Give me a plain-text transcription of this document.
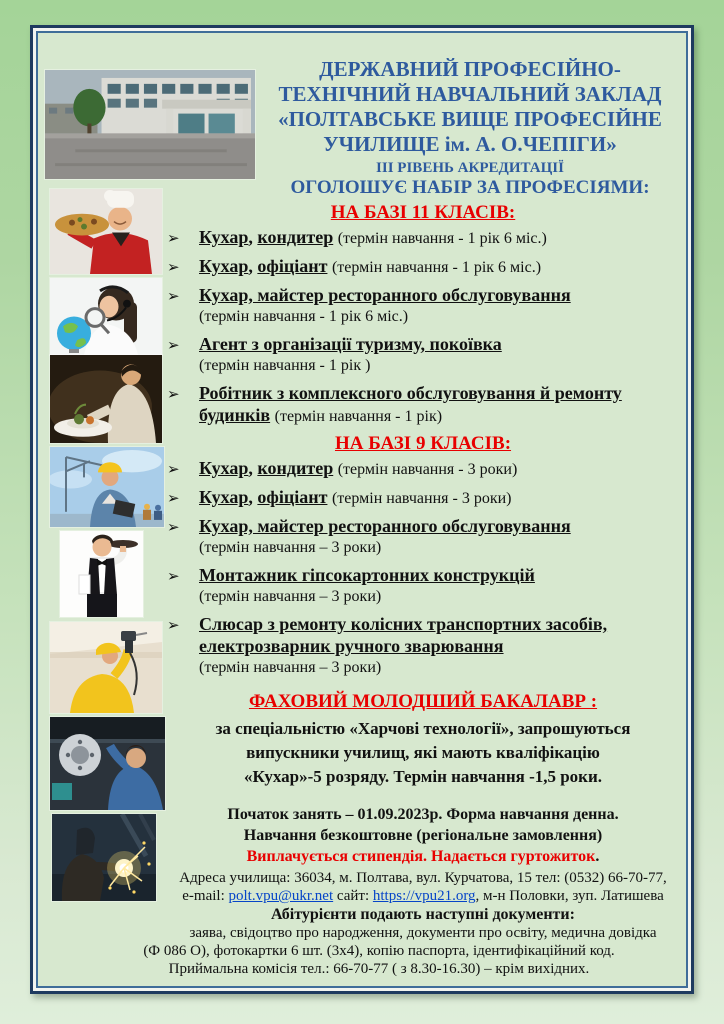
ДЕРЖАВНИЙ ПРОФЕСІЙНО-
ТЕХНІЧНИЙ НАВЧАЛЬНИЙ ЗАКЛАД
«ПОЛТАВСЬКЕ ВИЩЕ ПРОФЕСІЙНЕ
УЧИЛИЩЕ ім. А. О.ЧЕПІГИ»
ІІІ РІВЕНЬ АКРЕДИТАЦІЇ
ОГОЛОШУЄ НАБІР ЗА ПРОФЕСІЯМИ:
НА БАЗІ 11 КЛАСІВ:
➢ Кухар, кондитер (термін навчання - 1 рік 6 міс.)
➢ Кухар, офіціант (термін навчання - 1 рік 6 міс.)
➢ Кухар, майстер ресторанного обслуговування
(термін навчання - 1 рік 6 міс.)
➢ Агент з організації туризму, покоївка
(термін навчання - 1 рік )
➢ Робітник з комплексного обслуговування й ремонту будинків (термін навчання - 1 рік)
НА БАЗІ 9 КЛАСІВ:
➢ Кухар, кондитер (термін навчання - 3 роки)
➢ Кухар, офіціант (термін навчання - 3 роки)
➢ Кухар, майстер ресторанного обслуговування
(термін навчання – 3 роки)
➢ Монтажник гіпсокартонних конструкцій
(термін навчання – 3 роки)
➢ Слюсар з ремонту колісних транспортних засобів, електрозварник ручного зварювання
(термін навчання – 3 роки)
ФАХОВИЙ МОЛОДШИЙ БАКАЛАВР :
за спеціальністю «Харчові технології», запрошуються
випускники училищ, які мають кваліфікацію
«Кухар»-5 розряду. Термін навчання -1,5 роки.
Початок занять – 01.09.2023р. Форма навчання денна.
Навчання безкоштовне (регіональне замовлення)
Виплачується стипендія. Надається гуртожиток.
Адреса училища: 36034, м. Полтава, вул. Курчатова, 15 тел: (0532) 66-70-77,
e-mail: polt.vpu@ukr.net сайт: https://vpu21.org, м-н Половки, зуп. Латишева
Абітурієнти подають наступні документи:
заява, свідоцтво про народження, документи про освіту, медична довідка
(Ф 086 О), фотокартки 6 шт. (3х4), копію паспорта, ідентифікаційний код.
Приймальна комісія тел.: 66-70-77 ( з 8.30-16.30) – крім вихідних.
